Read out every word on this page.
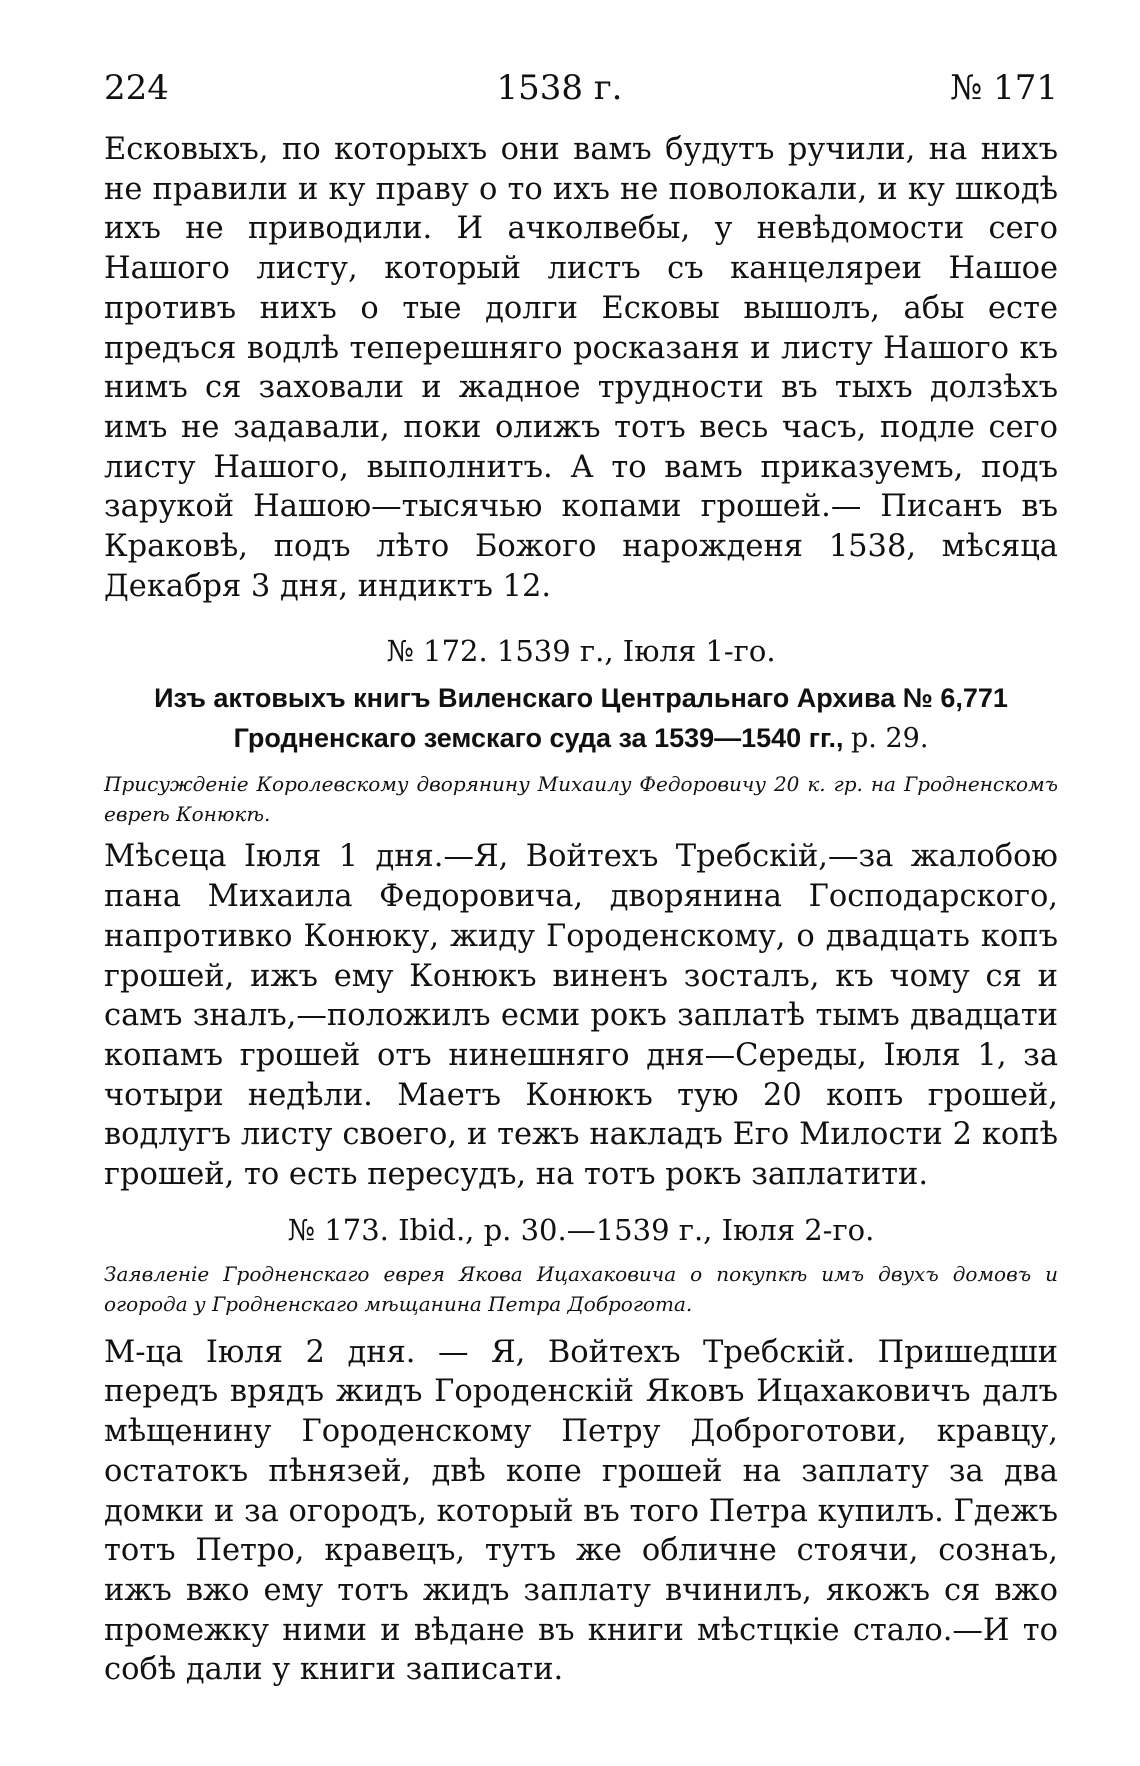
224	1538 г.	№ 171

Есковыхъ, по которыхъ они вамъ будутъ ручили, на нихъ не правили и ку праву о то ихъ не поволокали, и ку шкодѣ ихъ не приводили. И ачколвебы, у невѣдомости сего Нашого листу, который листъ съ канцеляреи Нашое противъ нихъ о тые долги Есковы вышолъ, абы есте предъся водлѣ теперешняго росказаня и листу Нашого къ нимъ ся заховали и жадное трудности въ тыхъ долзѣхъ имъ не задавали, поки олижъ тотъ весь часъ, подле сего листу Нашого, выполнитъ. А то вамъ приказуемъ, подъ зарукой Нашою—тысячью копами грошей.— Писанъ въ Краковѣ, подъ лѣто Божого нарожденя 1538, мѣсяца Декабря 3 дня, индиктъ 12.

№ 172. 1539 г., Іюля 1-го.
Изъ актовыхъ книгъ Виленскаго Центральнаго Архива № 6,771 Гродненскаго земскаго суда за 1539—1540 гг., р. 29.

Присужденіе Королевскому дворянину Михаилу Федоровичу 20 к. гр. на Гродненскомъ евреѣ Конюкѣ.

Мѣсеца Іюля 1 дня.—Я, Войтехъ Требскій,—за жалобою пана Михаила Федоровича, дворянина Господарского, напротивко Конюку, жиду Городенскому, о двадцать копъ грошей, ижъ ему Конюкъ виненъ зосталъ, къ чому ся и самъ зналъ,—положилъ есми рокъ заплатѣ тымъ двадцати копамъ грошей отъ нинешняго дня—Середы, Іюля 1, за чотыри недѣли. Маетъ Конюкъ тую 20 копъ грошей, водлугъ листу своего, и тежъ накладъ Его Милости 2 копѣ грошей, то есть пересудъ, на тотъ рокъ заплатити.

№ 173. Ibid., р. 30.—1539 г., Іюля 2-го.

Заявленіе Гродненскаго еврея Якова Ицахаковича о покупкѣ имъ двухъ домовъ и огорода у Гродненскаго мѣщанина Петра Доброгота.

М-ца Іюля 2 дня. — Я, Войтехъ Требскій. Пришедши передъ врядъ жидъ Городенскій Яковъ Ицахаковичъ далъ мѣщенину Городенскому Петру Доброготови, кравцу, остатокъ пѣнязей, двѣ копе грошей на заплату за два домки и за огородъ, который въ того Петра купилъ. Гдежъ тотъ Петро, кравецъ, тутъ же обличне стоячи, сознаъ, ижъ вжо ему тотъ жидъ заплату вчинилъ, якожъ ся вжо промежку ними и вѣдане въ книги мѣстцкіе стало.—И то собѣ дали у книги записати.
